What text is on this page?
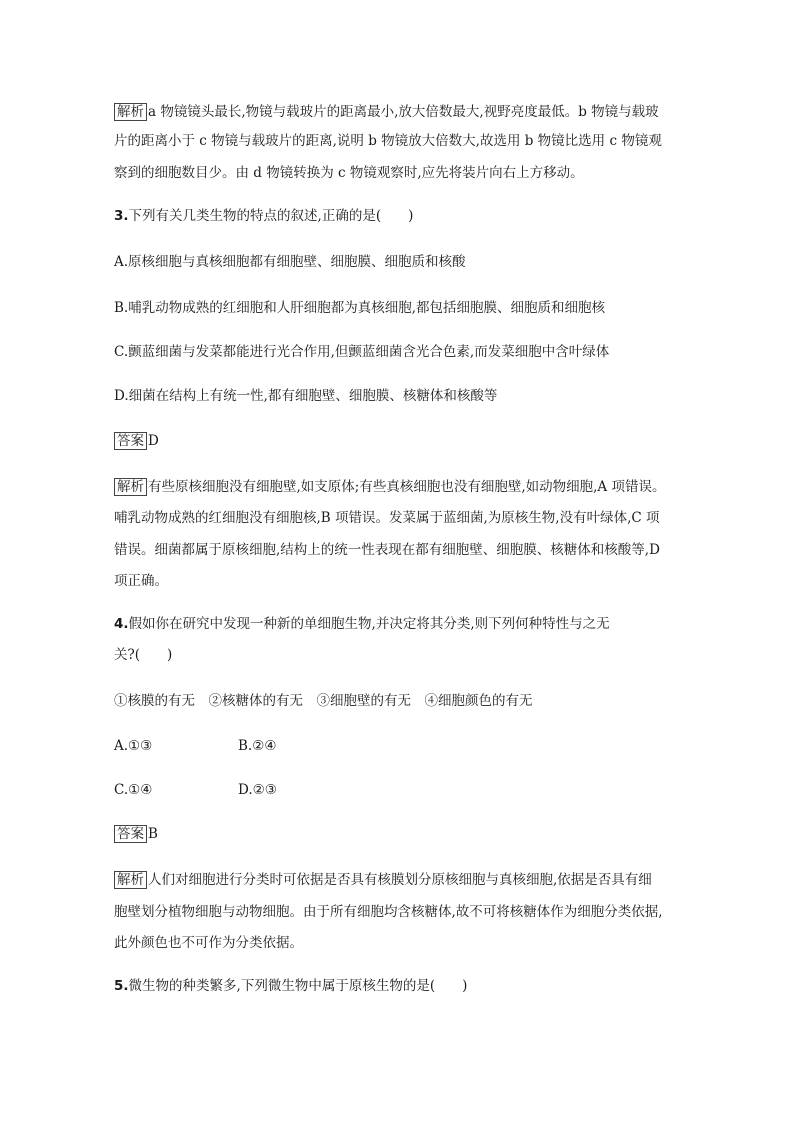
解析 a 物镜镜头最长,物镜与载玻片的距离最小,放大倍数最大,视野亮度最低。b 物镜与载玻
片的距离小于 c 物镜与载玻片的距离,说明 b 物镜放大倍数大,故选用 b 物镜比选用 c 物镜观
察到的细胞数目少。由 d 物镜转换为 c 物镜观察时,应先将装片向右上方移动。
3.下列有关几类生物的特点的叙述,正确的是(　　)
A.原核细胞与真核细胞都有细胞壁、细胞膜、细胞质和核酸
B.哺乳动物成熟的红细胞和人肝细胞都为真核细胞,都包括细胞膜、细胞质和细胞核
C.颤蓝细菌与发菜都能进行光合作用,但颤蓝细菌含光合色素,而发菜细胞中含叶绿体
D.细菌在结构上有统一性,都有细胞壁、细胞膜、核糖体和核酸等
答案 D
解析 有些原核细胞没有细胞壁,如支原体;有些真核细胞也没有细胞壁,如动物细胞,A 项错误。
哺乳动物成熟的红细胞没有细胞核,B 项错误。发菜属于蓝细菌,为原核生物,没有叶绿体,C 项
错误。细菌都属于原核细胞,结构上的统一性表现在都有细胞壁、细胞膜、核糖体和核酸等,D
项正确。
4.假如你在研究中发现一种新的单细胞生物,并决定将其分类,则下列何种特性与之无
关?(　　)
①核膜的有无　②核糖体的有无　③细胞壁的有无　④细胞颜色的有无
A.①③	B.②④
C.①④	D.②③
答案 B
解析 人们对细胞进行分类时可依据是否具有核膜划分原核细胞与真核细胞,依据是否具有细
胞壁划分植物细胞与动物细胞。由于所有细胞均含核糖体,故不可将核糖体作为细胞分类依据,
此外颜色也不可作为分类依据。
5.微生物的种类繁多,下列微生物中属于原核生物的是(　　)
